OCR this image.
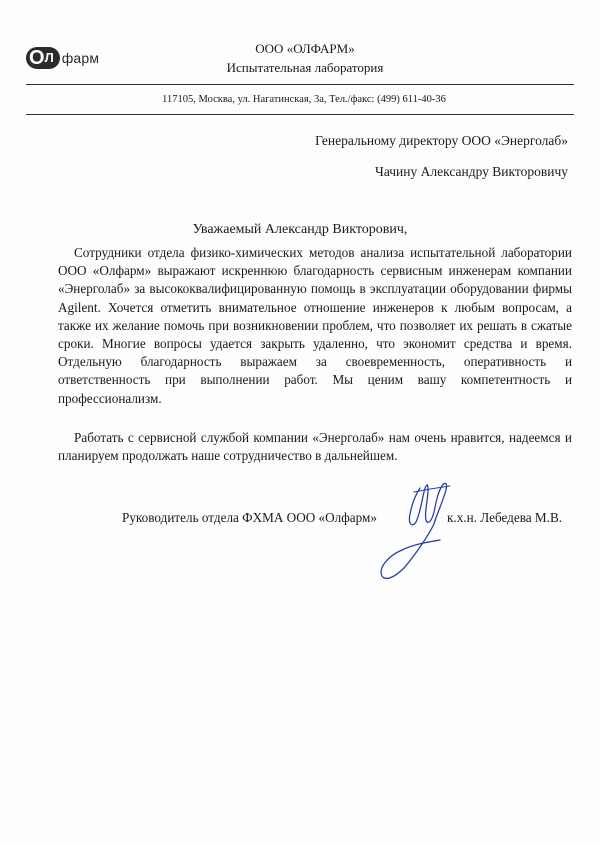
О Л фарм
ООО «ОЛФАРМ»
Испытательная лаборатория
117105, Москва, ул. Нагатинская, 3а, Тел./факс: (499) 611-40-36
Генеральному директору ООО «Энерголаб»
Чачину Александру Викторовичу
Уважаемый Александр Викторович,

Сотрудники отдела физико-химических методов анализа испытательной лаборатории ООО «Олфарм» выражают искреннюю благодарность сервисным инженерам компании «Энерголаб» за высококвалифицированную помощь в эксплуатации оборудовании фирмы Agilent. Хочется отметить внимательное отношение инженеров к любым вопросам, а также их желание помочь при возникновении проблем, что позволяет их решать в сжатые сроки. Многие вопросы удается закрыть удаленно, что экономит средства и время. Отдельную благодарность выражаем за своевременность, оперативность и ответственность при выполнении работ. Мы ценим вашу компетентность и профессионализм.

Работать с сервисной службой компании «Энерголаб» нам очень нравится, надеемся и планируем продолжать наше сотрудничество в дальнейшем.

Руководитель отдела ФХМА ООО «Олфарм»	к.х.н. Лебедева М.В.
